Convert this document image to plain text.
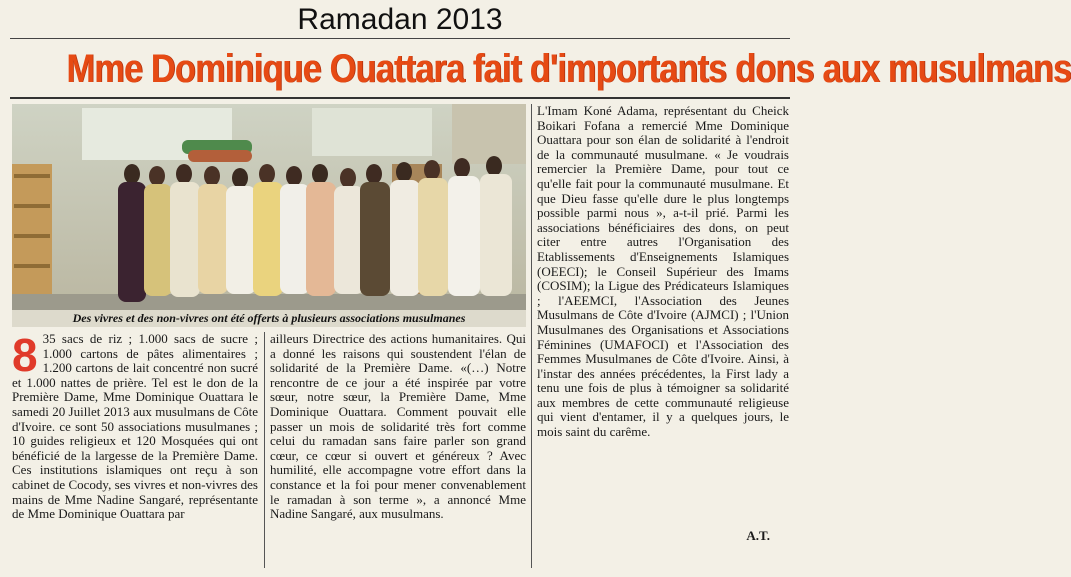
Ramadan 2013
Mme Dominique Ouattara fait d'importants dons aux musulmans
Des vivres et des non-vivres ont été offerts à plusieurs associations musulmanes
8 35 sacs de riz ; 1.000 sacs de sucre ; 1.000 cartons de pâtes alimentaires ; 1.200 cartons de lait concentré non sucré et 1.000 nattes de prière. Tel est le don de la Première Dame, Mme Dominique Ouattara le samedi 20 Juillet 2013 aux musulmans de Côte d'Ivoire. ce sont 50 associations musulmanes ; 10 guides religieux et 120 Mosquées qui ont bénéficié de la largesse de la Première Dame. Ces institutions islamiques ont reçu à son cabinet de Cocody, ses vivres et non-vivres des mains de Mme Nadine Sangaré, représentante de Mme Dominique Ouattara par

ailleurs Directrice des actions humanitaires. Qui a donné les raisons qui soustendent l'élan de solidarité de la Première Dame. «(…) Notre rencontre de ce jour a été inspirée par votre sœur, notre sœur, la Première Dame, Mme Dominique Ouattara. Comment pouvait elle passer un mois de solidarité très fort comme celui du ramadan sans faire parler son grand cœur, ce cœur si ouvert et généreux ? Avec humilité, elle accompagne votre effort dans la constance et la foi pour mener convenablement le ramadan à son terme », a annoncé Mme Nadine Sangaré, aux musulmans.

L'Imam Koné Adama, représentant du Cheick Boikari Fofana a remercié Mme Dominique Ouattara pour son élan de solidarité à l'endroit de la communauté musulmane. « Je voudrais remercier la Première Dame, pour tout ce qu'elle fait pour la communauté musulmane. Et que Dieu fasse qu'elle dure le plus longtemps possible parmi nous », a-t-il prié. Parmi les associations bénéficiaires des dons, on peut citer entre autres l'Organisation des Etablissements d'Enseignements Islamiques (OEECI); le Conseil Supérieur des Imams (COSIM); la Ligue des Prédicateurs Islamiques ; l'AEEMCI, l'Association des Jeunes Musulmans de Côte d'Ivoire (AJMCI) ; l'Union Musulmanes des Organisations et Associations Féminines (UMAFOCI) et l'Association des Femmes Musulmanes de Côte d'Ivoire. Ainsi, à l'instar des années précédentes, la First lady a tenu une fois de plus à témoigner sa solidarité aux membres de cette communauté religieuse qui vient d'entamer, il y a quelques jours, le mois saint du carême.

A.T.
